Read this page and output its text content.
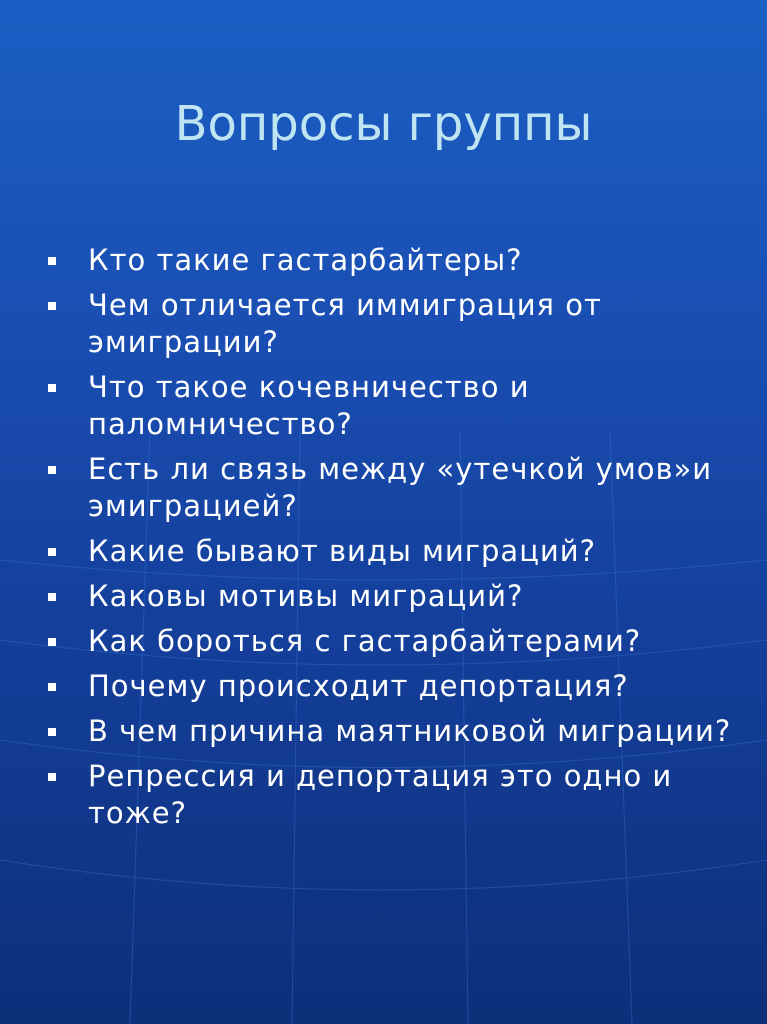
Вопросы группы
Кто такие гастарбайтеры?
Чем отличается иммиграция от эмиграции?
Что такое кочевничество и паломничество?
Есть ли связь между «утечкой умов»и эмиграцией?
Какие бывают виды миграций?
Каковы мотивы миграций?
Как бороться с гастарбайтерами?
Почему происходит депортация?
В чем причина маятниковой миграции?
Репрессия и депортация это одно и тоже?
